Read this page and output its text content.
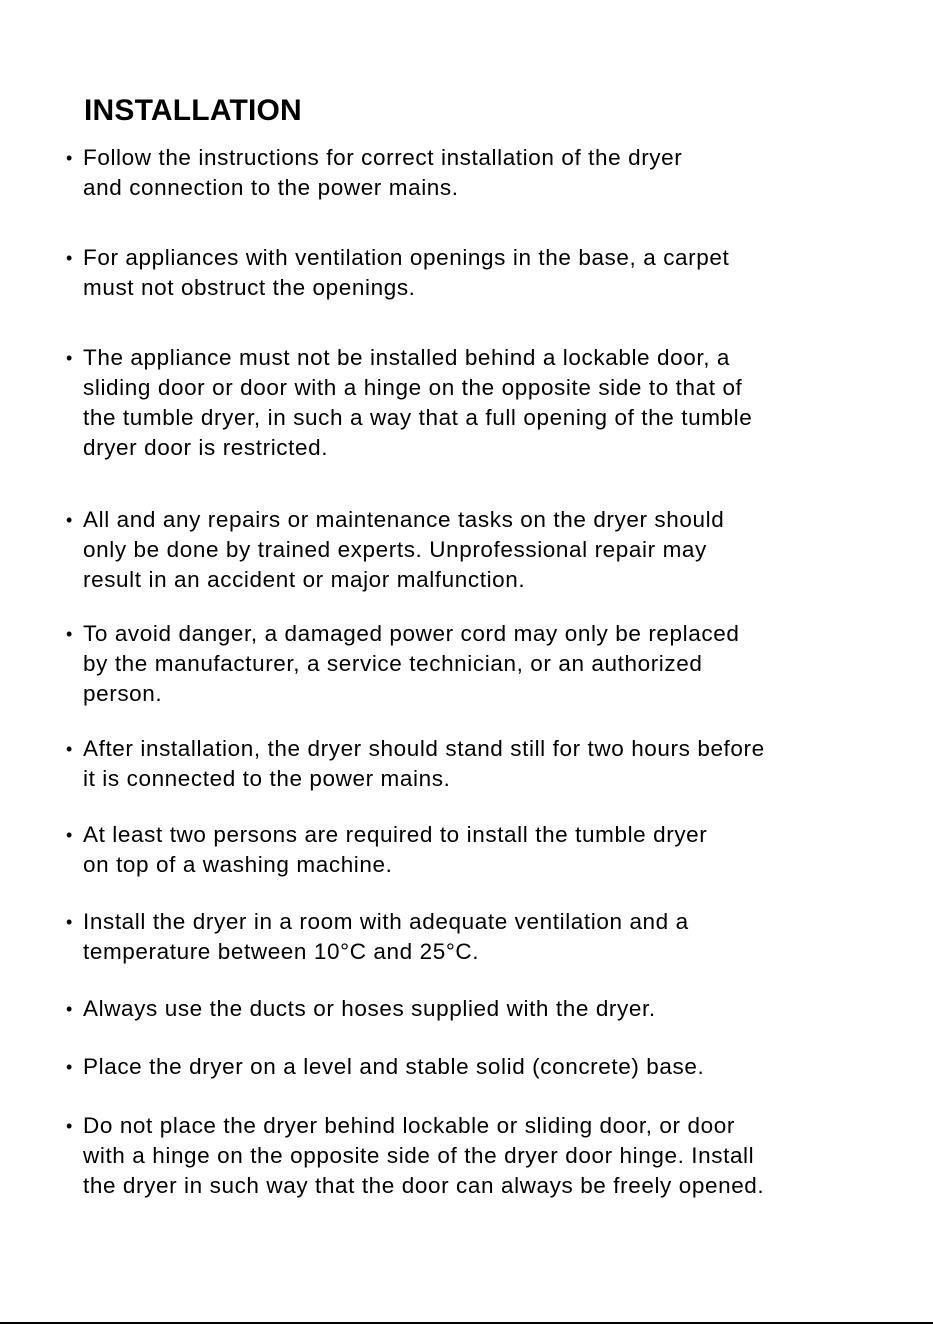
INSTALLATION
• Follow the instructions for correct installation of the dryer
and connection to the power mains.
• For appliances with ventilation openings in the base, a carpet
must not obstruct the openings.
• The appliance must not be installed behind a lockable door, a
sliding door or door with a hinge on the opposite side to that of
the tumble dryer, in such a way that a full opening of the tumble
dryer door is restricted.
• All and any repairs or maintenance tasks on the dryer should
only be done by trained experts. Unprofessional repair may
result in an accident or major malfunction.
• To avoid danger, a damaged power cord may only be replaced
by the manufacturer, a service technician, or an authorized
person.
• After installation, the dryer should stand still for two hours before
it is connected to the power mains.
• At least two persons are required to install the tumble dryer
on top of a washing machine.
• Install the dryer in a room with adequate ventilation and a
temperature between 10°C and 25°C.
• Always use the ducts or hoses supplied with the dryer.
• Place the dryer on a level and stable solid (concrete) base.
• Do not place the dryer behind lockable or sliding door, or door
with a hinge on the opposite side of the dryer door hinge. Install
the dryer in such way that the door can always be freely opened.
